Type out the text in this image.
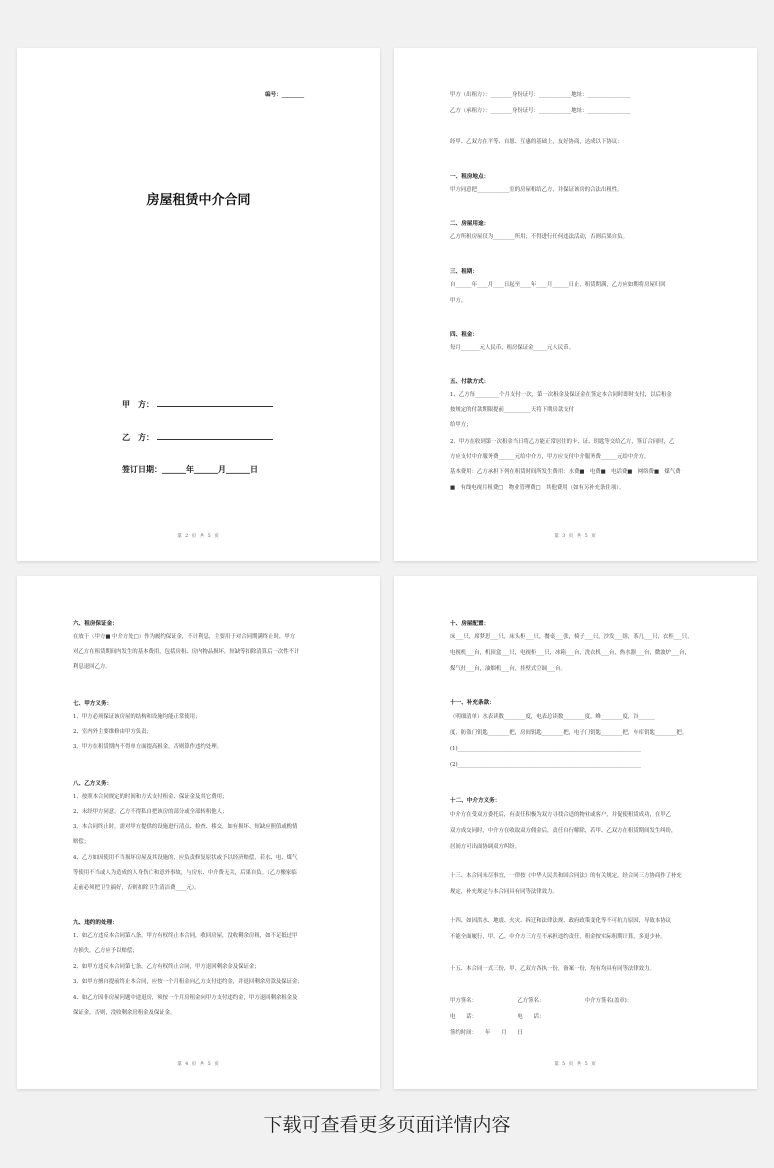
编号：________
房屋租赁中介合同
甲　方：
乙　方：
签订日期：______年______月______日
第 2 页 共 5 页
甲方（出租方）：________身份证号：____________地址：________________
乙方（承租方）：________身份证号：____________地址：________________
经甲、乙双方在平等、自愿、互惠的基础上，友好协商，达成以下协议：
一、租房地点：
甲方同意把____________室的房屋租给乙方，并保证该房的合法出租性。
二、房屋用途：
乙方所租房屋仅为________所用；不得进行任何违法活动，否则后果自负。
三、租期：
自______年____月____日起至____年____月______日止，租赁期满，乙方应如期将房屋归回
甲方。
四、租金：
每月_______元人民币，租房保证金_____元人民币。
五、付款方式：
1、乙方每_________个月支付一次，第一次租金及保证金在签定本合同时即时支付，以后租金
按规定的付款期限提前__________天将下期房款支付
给甲方；
2、甲方在收到第一次租金当日将乙方能正常居住的卡、证、钥匙等交给乙方，签订合同时，乙
方应支付中介服务费______元给中介方，甲方应支付中介服务费______元给中介方。
基本费用：乙方承担下列在租赁时间所发生费用：水费■　电费■　电话费■　网络费■　煤气费
■　有线电视月租费□　物业管理费□　其他费用（如有另补充条住项）。
第 3 页 共 5 页
六、租房保证金：
在放于（甲方■ 中介方处□）作为履约保证金，不计利息，主要用于对合同期满终止时，甲方
对乙方在租赁期间内发生的基本费用，包括房租、房内物品损坏，短缺等扣除清算后一次性不计
利息退回乙方。
七、甲方义务：
1、甲方必须保证该房屋的结构和设施均能正常使用；
2、室内外主要维修由甲方负责；
3、甲方在租赁期内不得单方面提高租金，否则算作违约处理。
八、乙方义务：
1、按照本合同规定的时间和方式支付租金、保证金及其它费用；
2、未经甲方同意，乙方不得私自把该房的部分或全部转租他人；
3、本合同终止时，需对甲方提供的设施进行清点、检查、移交，如有损坏、短缺应照值或酌情
赔偿；
4、乙方如因使用不当损坏房屋及其设施的，应负责修复原状或予以经济赔偿，若水、电、煤气
等使用不当或人为造成的人身伤亡和意外事故，与房东、中介费无关，后果自负。（乙方搬家临
走前必须把卫生搞好，否则扣除卫生清洁费____元）。
九、违约的处理：
1、如乙方违反本合同第八条，甲方有权终止本合同，收回房屋，没收剩余房租，如不足抵过甲
方损失，乙方应予以赔偿；
2、如甲方违反本合同第七条，乙方有权终止合同，甲方退回剩余金及保证金；
3、如甲方擅自提前终止本合同，应按一个月租金向乙方支付违约金，并退回剩余房款及保证金；
4、如乙方因非房屋问题中途退房，须按一个月房租金向甲方支付违约金，甲方退回剩余租金及
保证金，否则，没收剩余房租金及保证金。
第 4 页 共 5 页
十、房屋配置：
床___只，席梦思___只，床头柜___只，餐桌___张，椅子___只，沙发___组，茶几___只，衣柜___只，
电视机___台，机顶盒___只，电视柜___只，冰箱___台，洗衣机___台，热水器___台，微波炉___台，
煤气灶___台，油烟机___台，挂壁式空调___台。
十一、补充条款：
（明细清单）水表读数________度，电表总读数________度，峰________度，谷______
度，防盗门钥匙________把，房间钥匙________把，电子门钥匙________把，车库钥匙________把。
(1)____________________________________________________________________
(2)____________________________________________________________________
十二、中介方义务：
中介方在受双方委托后，有责任积极为双方寻找合适的物业或客户，并促使租赁成功，在甲乙
双方成交同时，中介方在收取双方佣金后，责任自行解除，若甲、乙双方在租赁期间发生纠纷，
居间方可出面协调双方纠纷。
十三、本合同未尽事宜，一律按《中华人民共和国合同法》的有关规定，经合同三方协商作了补充
规定，补充规定与本合同具有同等法律效力。
十四、如因洪水、地震、火灾、拆迁和法律法规、政府政策变化等不可抗力原因，导致本协议
不能全面履行，甲、乙、中介方三方互不承担违约责任，租金按实际租期计算，多退少补。
十五、本合同一式三份，甲、乙双方各执一份，备案一份，均有均具有同等法律效力。
甲方签名：　　　　　　　　乙方签名：　　　　　　　　中介方签名(盖章)：
电　　话：　　　　　　　　电　　话：
签约时间：　　年　　月　　日
第 5 页 共 5 页
下载可查看更多页面详情内容
